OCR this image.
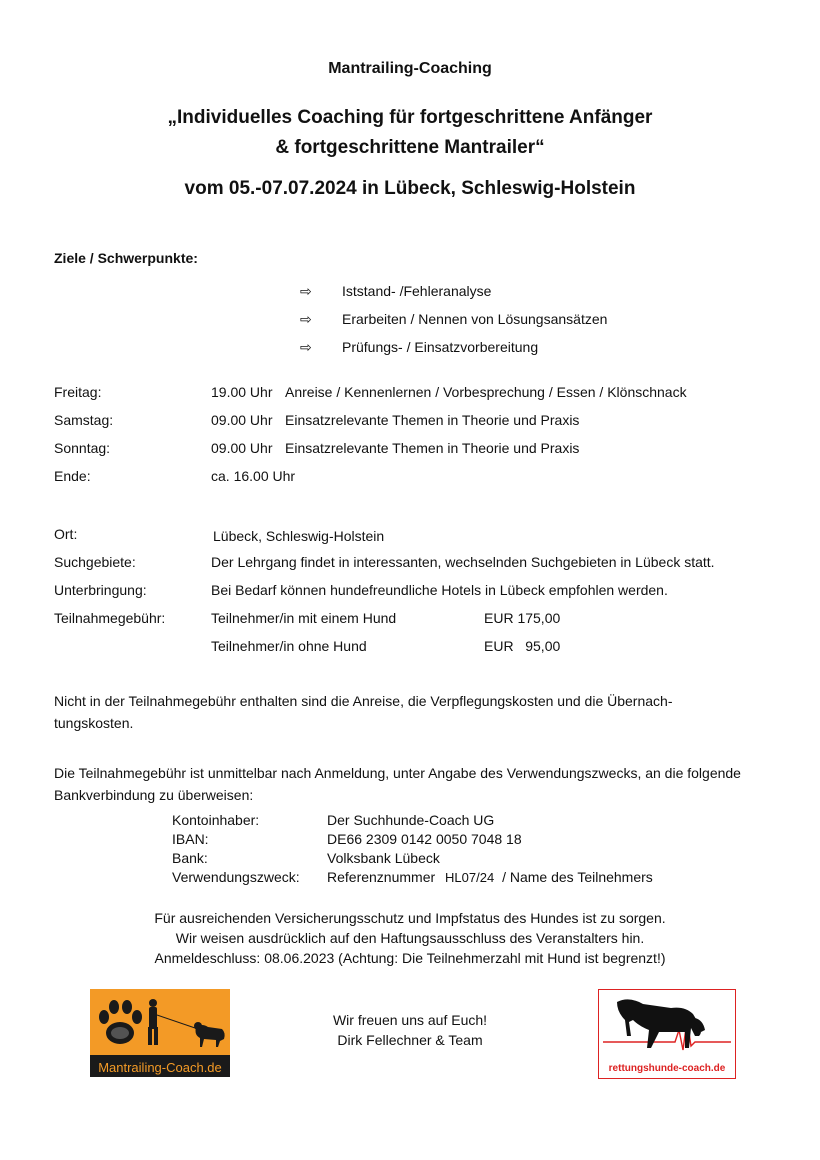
Mantrailing-Coaching
„Individuelles Coaching für fortgeschrittene Anfänger
& fortgeschrittene Mantrailer“
vom 05.-07.07.2024 in Lübeck, Schleswig-Holstein
Ziele / Schwerpunkte:
⇨ Iststand- /Fehleranalyse
⇨ Erarbeiten / Nennen von Lösungsansätzen
⇨ Prüfungs- / Einsatzvorbereitung
Freitag:	19.00 Uhr Anreise / Kennenlernen / Vorbesprechung / Essen / Klönschnack
Samstag:	09.00 Uhr Einsatzrelevante Themen in Theorie und Praxis
Sonntag:	09.00 Uhr Einsatzrelevante Themen in Theorie und Praxis
Ende:	ca. 16.00 Uhr
Ort:	Lübeck, Schleswig-Holstein
Suchgebiete:	Der Lehrgang findet in interessanten, wechselnden Suchgebieten in Lübeck statt.
Unterbringung:	Bei Bedarf können hundefreundliche Hotels in Lübeck empfohlen werden.
Teilnahmegebühr:	Teilnehmer/in mit einem Hund	EUR 175,00
Teilnehmer/in ohne Hund	EUR   95,00
Nicht in der Teilnahmegebühr enthalten sind die Anreise, die Verpflegungskosten und die Übernach-tungskosten.
Die Teilnahmegebühr ist unmittelbar nach Anmeldung, unter Angabe des Verwendungszwecks, an die folgende Bankverbindung zu überweisen:
Kontoinhaber:	Der Suchhunde-Coach UG
IBAN:	DE66 2309 0142 0050 7048 18
Bank:	Volksbank Lübeck
Verwendungszweck: Referenznummer HL07/24 / Name des Teilnehmers
Für ausreichenden Versicherungsschutz und Impfstatus des Hundes ist zu sorgen.
Wir weisen ausdrücklich auf den Haftungsausschluss des Veranstalters hin.
Anmeldeschluss: 08.06.2023 (Achtung: Die Teilnehmerzahl mit Hund ist begrenzt!)
Mantrailing-Coach.de
Wir freuen uns auf Euch!
Dirk Fellechner & Team
rettungshunde-coach.de
